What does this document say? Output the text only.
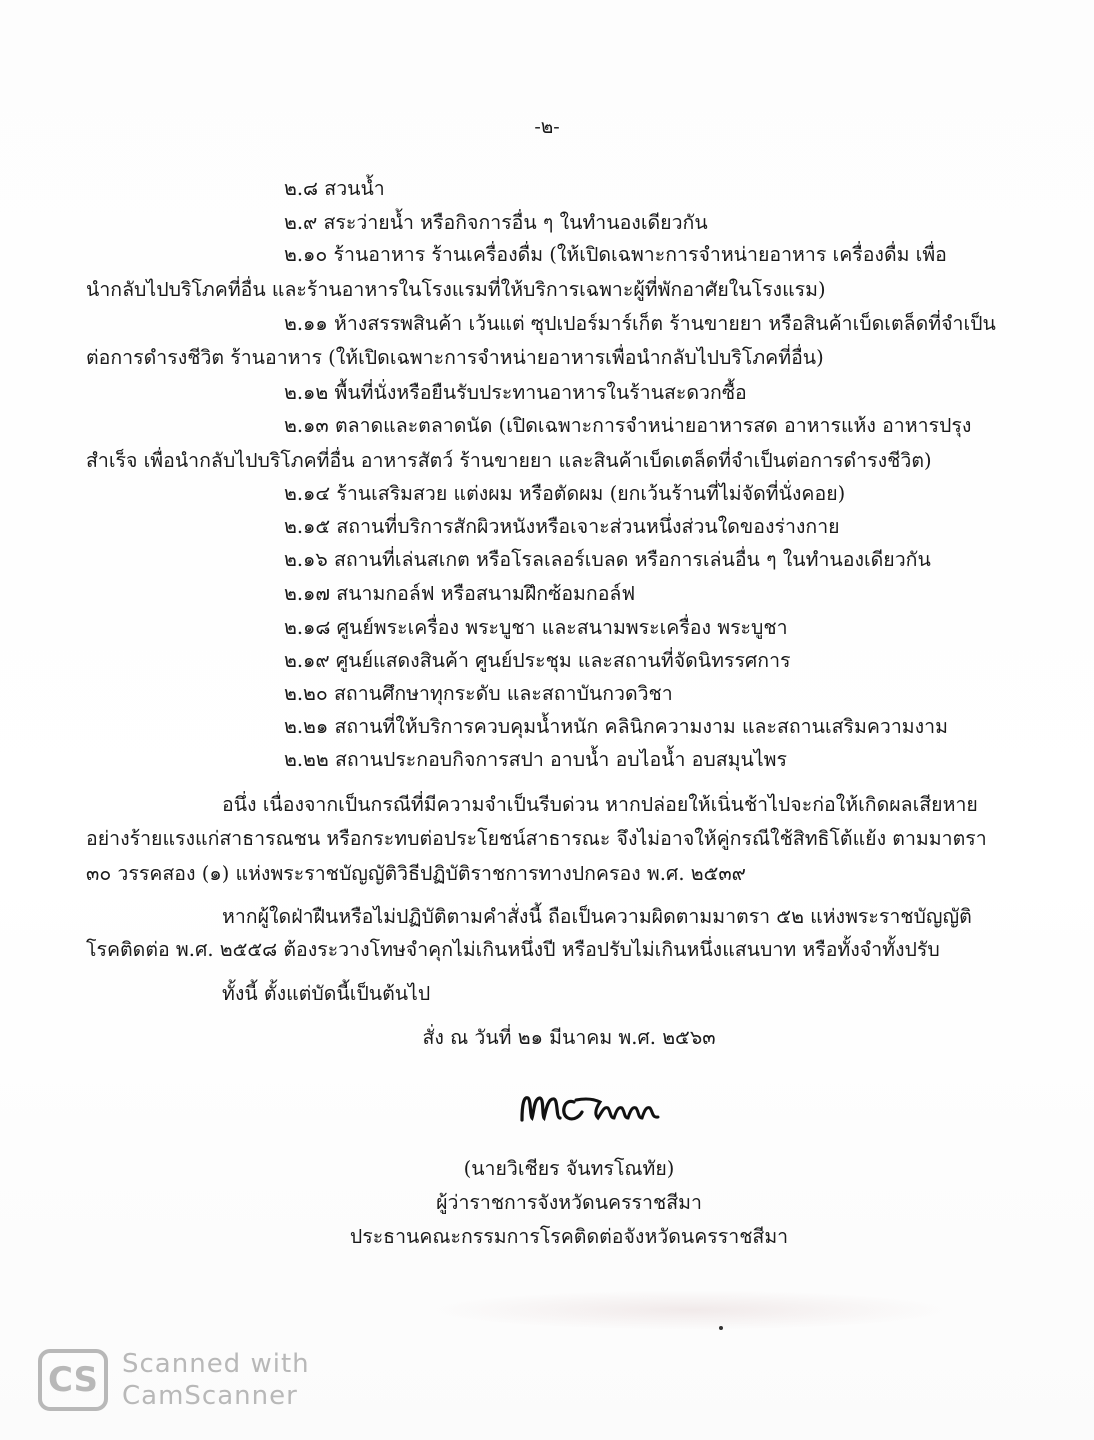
-๒-
๒.๘ สวนน้ำ
๒.๙ สระว่ายน้ำ หรือกิจการอื่น ๆ ในทำนองเดียวกัน
๒.๑๐ ร้านอาหาร ร้านเครื่องดื่ม (ให้เปิดเฉพาะการจำหน่ายอาหาร เครื่องดื่ม เพื่อ
นำกลับไปบริโภคที่อื่น และร้านอาหารในโรงแรมที่ให้บริการเฉพาะผู้ที่พักอาศัยในโรงแรม)
๒.๑๑ ห้างสรรพสินค้า เว้นแต่ ซุปเปอร์มาร์เก็ต ร้านขายยา หรือสินค้าเบ็ดเตล็ดที่จำเป็น
ต่อการดำรงชีวิต ร้านอาหาร (ให้เปิดเฉพาะการจำหน่ายอาหารเพื่อนำกลับไปบริโภคที่อื่น)
๒.๑๒ พื้นที่นั่งหรือยืนรับประทานอาหารในร้านสะดวกซื้อ
๒.๑๓ ตลาดและตลาดนัด (เปิดเฉพาะการจำหน่ายอาหารสด อาหารแห้ง อาหารปรุง
สำเร็จ เพื่อนำกลับไปบริโภคที่อื่น อาหารสัตว์ ร้านขายยา และสินค้าเบ็ดเตล็ดที่จำเป็นต่อการดำรงชีวิต)
๒.๑๔ ร้านเสริมสวย แต่งผม หรือตัดผม (ยกเว้นร้านที่ไม่จัดที่นั่งคอย)
๒.๑๕ สถานที่บริการสักผิวหนังหรือเจาะส่วนหนึ่งส่วนใดของร่างกาย
๒.๑๖ สถานที่เล่นสเกต หรือโรลเลอร์เบลด หรือการเล่นอื่น ๆ ในทำนองเดียวกัน
๒.๑๗ สนามกอล์ฟ หรือสนามฝึกซ้อมกอล์ฟ
๒.๑๘ ศูนย์พระเครื่อง พระบูชา และสนามพระเครื่อง พระบูชา
๒.๑๙ ศูนย์แสดงสินค้า ศูนย์ประชุม และสถานที่จัดนิทรรศการ
๒.๒๐ สถานศึกษาทุกระดับ และสถาบันกวดวิชา
๒.๒๑ สถานที่ให้บริการควบคุมน้ำหนัก คลินิกความงาม และสถานเสริมความงาม
๒.๒๒ สถานประกอบกิจการสปา อาบน้ำ อบไอน้ำ อบสมุนไพร
อนึ่ง เนื่องจากเป็นกรณีที่มีความจำเป็นรีบด่วน หากปล่อยให้เนิ่นช้าไปจะก่อให้เกิดผลเสียหาย
อย่างร้ายแรงแก่สาธารณชน หรือกระทบต่อประโยชน์สาธารณะ จึงไม่อาจให้คู่กรณีใช้สิทธิโต้แย้ง ตามมาตรา
๓๐ วรรคสอง (๑) แห่งพระราชบัญญัติวิธีปฏิบัติราชการทางปกครอง พ.ศ. ๒๕๓๙
หากผู้ใดฝ่าฝืนหรือไม่ปฏิบัติตามคำสั่งนี้ ถือเป็นความผิดตามมาตรา ๕๒ แห่งพระราชบัญญัติ
โรคติดต่อ พ.ศ. ๒๕๕๘ ต้องระวางโทษจำคุกไม่เกินหนึ่งปี หรือปรับไม่เกินหนึ่งแสนบาท หรือทั้งจำทั้งปรับ
ทั้งนี้ ตั้งแต่บัดนี้เป็นต้นไป
สั่ง ณ วันที่ ๒๑ มีนาคม พ.ศ. ๒๕๖๓
(นายวิเชียร จันทรโณทัย)
ผู้ว่าราชการจังหวัดนครราชสีมา
ประธานคณะกรรมการโรคติดต่อจังหวัดนครราชสีมา
CS Scanned with
CamScanner
